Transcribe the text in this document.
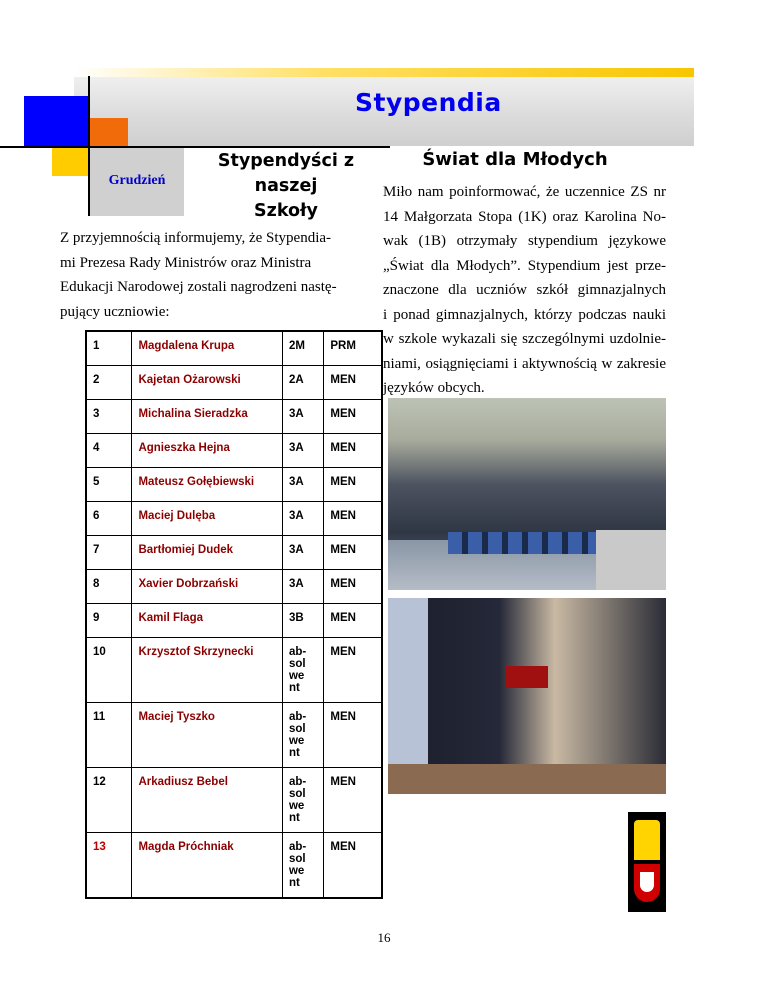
Stypendia
Grudzień
Stypendyści z naszej
Szkoły
Z przyjemnością informujemy, że Stypendia-
mi Prezesa Rady Ministrów oraz Ministra
Edukacji Narodowej zostali nagrodzeni nastę-
pujący uczniowie:
1	Magdalena Krupa	2M	PRM
2	Kajetan Ożarowski	2A	MEN
3	Michalina Sieradzka	3A	MEN
4	Agnieszka Hejna	3A	MEN
5	Mateusz Gołębiewski	3A	MEN
6	Maciej Dulęba	3A	MEN
7	Bartłomiej Dudek	3A	MEN
8	Xavier Dobrzański	3A	MEN
9	Kamil Flaga	3B	MEN
10	Krzysztof Skrzynecki	ab-
sol
we
nt	MEN
11	Maciej Tyszko	ab-
sol
we
nt	MEN
12	Arkadiusz Bebel	ab-
sol
we
nt	MEN
13	Magda Próchniak	ab-
sol
we
nt	MEN
Świat dla Młodych
Miło nam poinformować, że uczennice ZS nr
14 Małgorzata Stopa (1K) oraz Karolina No-
wak (1B) otrzymały stypendium językowe
„Świat dla Młodych”. Stypendium jest prze-
znaczone dla uczniów szkół gimnazjalnych
i ponad gimnazjalnych, którzy podczas nauki
w szkole wykazali się szczególnymi uzdolnie-
niami, osiągnięciami i aktywnością w zakresie
języków obcych.
16
